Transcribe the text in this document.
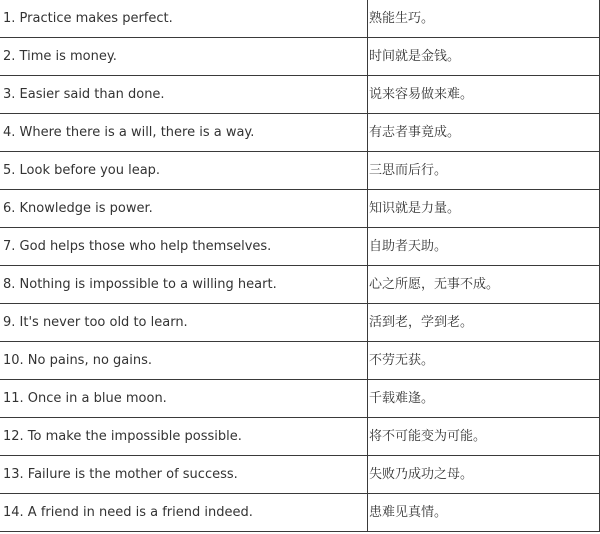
1. Practice makes perfect.	熟能生巧。
2. Time is money.	时间就是金钱。
3. Easier said than done.	说来容易做来难。
4. Where there is a will, there is a way.	有志者事竟成。
5. Look before you leap.	三思而后行。
6. Knowledge is power.	知识就是力量。
7. God helps those who help themselves.	自助者天助。
8. Nothing is impossible to a willing heart.	心之所愿，无事不成。
9. It's never too old to learn.	活到老，学到老。
10. No pains, no gains.	不劳无获。
11. Once in a blue moon.	千载难逢。
12. To make the impossible possible.	将不可能变为可能。
13. Failure is the mother of success.	失败乃成功之母。
14. A friend in need is a friend indeed.	患难见真情。
